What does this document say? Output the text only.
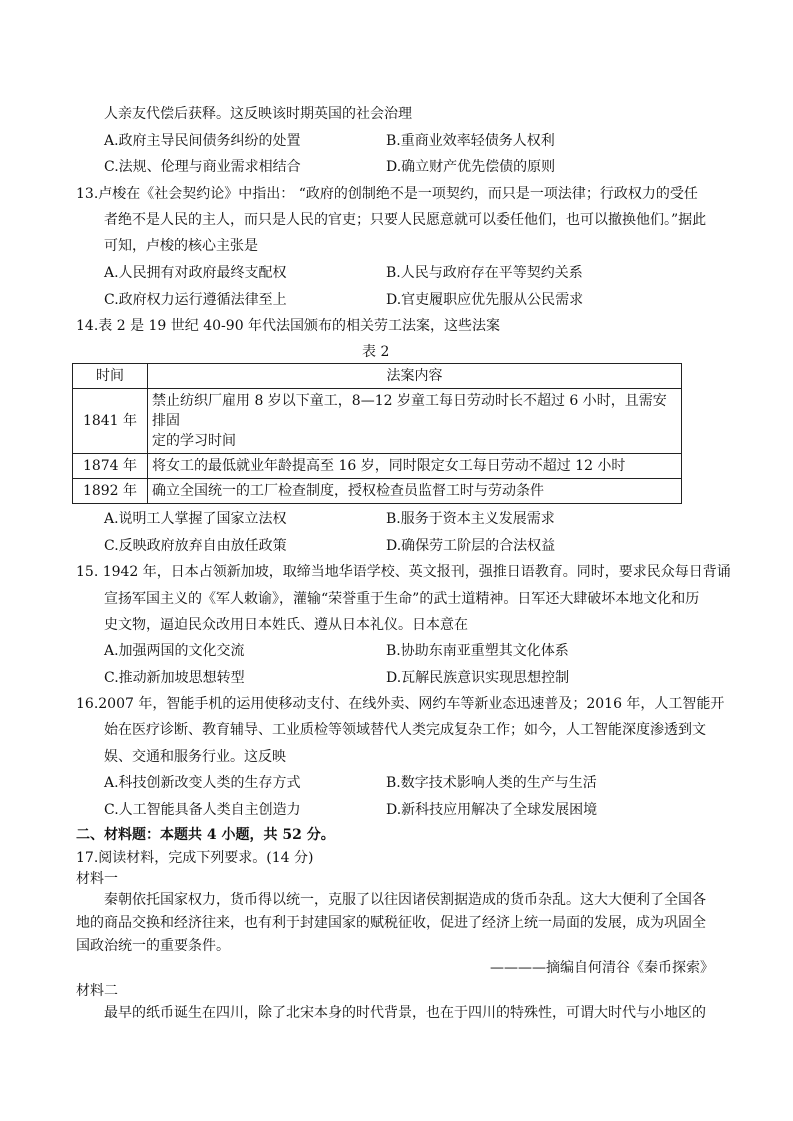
人亲友代偿后获释。这反映该时期英国的社会治理
A.政府主导民间债务纠纷的处置	B.重商业效率轻债务人权利
C.法规、伦理与商业需求相结合	D.确立财产优先偿债的原则
13.卢梭在《社会契约论》中指出： “政府的创制绝不是一项契约，而只是一项法律；行政权力的受任
者绝不是人民的主人，而只是人民的官吏；只要人民愿意就可以委任他们，也可以撤换他们。”据此
可知，卢梭的核心主张是
A.人民拥有对政府最终支配权	B.人民与政府存在平等契约关系
C.政府权力运行遵循法律至上	D.官吏履职应优先服从公民需求
14.表 2 是 19 世纪 40-90 年代法国颁布的相关劳工法案，这些法案
表 2
时间	法案内容
1841 年	禁止纺织厂雇用 8 岁以下童工，8—12 岁童工每日劳动时长不超过 6 小时，且需安排固
定的学习时间

1874 年	将女工的最低就业年龄提高至 16 岁，同时限定女工每日劳动不超过 12 小时
1892 年	确立全国统一的工厂检查制度，授权检查员监督工时与劳动条件
A.说明工人掌握了国家立法权	B.服务于资本主义发展需求
C.反映政府放弃自由放任政策	D.确保劳工阶层的合法权益
15. 1942 年，日本占领新加坡，取缔当地华语学校、英文报刊，强推日语教育。同时，要求民众每日背诵
宣扬军国主义的《军人敕谕》，灌输“荣誉重于生命”的武士道精神。日军还大肆破坏本地文化和历
史文物，逼迫民众改用日本姓氏、遵从日本礼仪。日本意在
A.加强两国的文化交流	B.协助东南亚重塑其文化体系
C.推动新加坡思想转型	D.瓦解民族意识实现思想控制
16.2007 年，智能手机的运用使移动支付、在线外卖、网约车等新业态迅速普及；2016 年，人工智能开
始在医疗诊断、教育辅导、工业质检等领域替代人类完成复杂工作；如今，人工智能深度渗透到文
娱、交通和服务行业。这反映
A.科技创新改变人类的生存方式	B.数字技术影响人类的生产与生活
C.人工智能具备人类自主创造力	D.新科技应用解决了全球发展困境
二、材料题：本题共 4 小题，共 52 分。
17.阅读材料，完成下列要求。(14 分)
材料一
秦朝依托国家权力，货币得以统一，克服了以往因诸侯割据造成的货币杂乱。这大大便利了全国各
地的商品交换和经济往来，也有利于封建国家的赋税征收，促进了经济上统一局面的发展，成为巩固全
国政治统一的重要条件。
————摘编自何清谷《秦币探索》
材料二
最早的纸币诞生在四川，除了北宋本身的时代背景，也在于四川的特殊性，可谓大时代与小地区的
